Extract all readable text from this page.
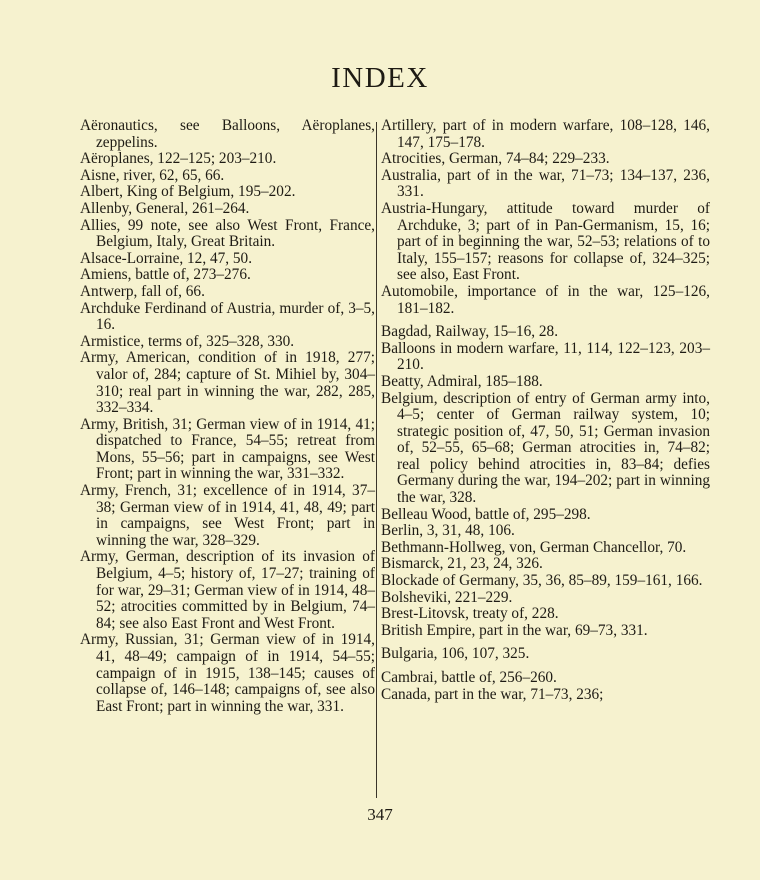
INDEX
Aëronautics, see Balloons, Aëroplanes, zeppelins.
Aëroplanes, 122–125; 203–210.
Aisne, river, 62, 65, 66.
Albert, King of Belgium, 195–202.
Allenby, General, 261–264.
Allies, 99 note, see also West Front, France, Belgium, Italy, Great Britain.
Alsace-Lorraine, 12, 47, 50.
Amiens, battle of, 273–276.
Antwerp, fall of, 66.
Archduke Ferdinand of Austria, murder of, 3–5, 16.
Armistice, terms of, 325–328, 330.
Army, American, condition of in 1918, 277; valor of, 284; capture of St. Mihiel by, 304–310; real part in winning the war, 282, 285, 332–334.
Army, British, 31; German view of in 1914, 41; dispatched to France, 54–55; retreat from Mons, 55–56; part in campaigns, see West Front; part in winning the war, 331–332.
Army, French, 31; excellence of in 1914, 37–38; German view of in 1914, 41, 48, 49; part in campaigns, see West Front; part in winning the war, 328–329.
Army, German, description of its invasion of Belgium, 4–5; history of, 17–27; training of for war, 29–31; German view of in 1914, 48–52; atrocities committed by in Belgium, 74–84; see also East Front and West Front.
Army, Russian, 31; German view of in 1914, 41, 48–49; campaign of in 1914, 54–55; campaign of in 1915, 138–145; causes of collapse of, 146–148; campaigns of, see also East Front; part in winning the war, 331.
Artillery, part of in modern warfare, 108–128, 146, 147, 175–178.
Atrocities, German, 74–84; 229–233.
Australia, part of in the war, 71–73; 134–137, 236, 331.
Austria-Hungary, attitude toward murder of Archduke, 3; part of in Pan-Germanism, 15, 16; part of in beginning the war, 52–53; relations of to Italy, 155–157; reasons for collapse of, 324–325; see also, East Front.
Automobile, importance of in the war, 125–126, 181–182.
Bagdad, Railway, 15–16, 28.
Balloons in modern warfare, 11, 114, 122–123, 203–210.
Beatty, Admiral, 185–188.
Belgium, description of entry of German army into, 4–5; center of German railway system, 10; strategic position of, 47, 50, 51; German invasion of, 52–55, 65–68; German atrocities in, 74–82; real policy behind atrocities in, 83–84; defies Germany during the war, 194–202; part in winning the war, 328.
Belleau Wood, battle of, 295–298.
Berlin, 3, 31, 48, 106.
Bethmann-Hollweg, von, German Chancellor, 70.
Bismarck, 21, 23, 24, 326.
Blockade of Germany, 35, 36, 85–89, 159–161, 166.
Bolsheviki, 221–229.
Brest-Litovsk, treaty of, 228.
British Empire, part in the war, 69–73, 331.
Bulgaria, 106, 107, 325.
Cambrai, battle of, 256–260.
Canada, part in the war, 71–73, 236;
347
